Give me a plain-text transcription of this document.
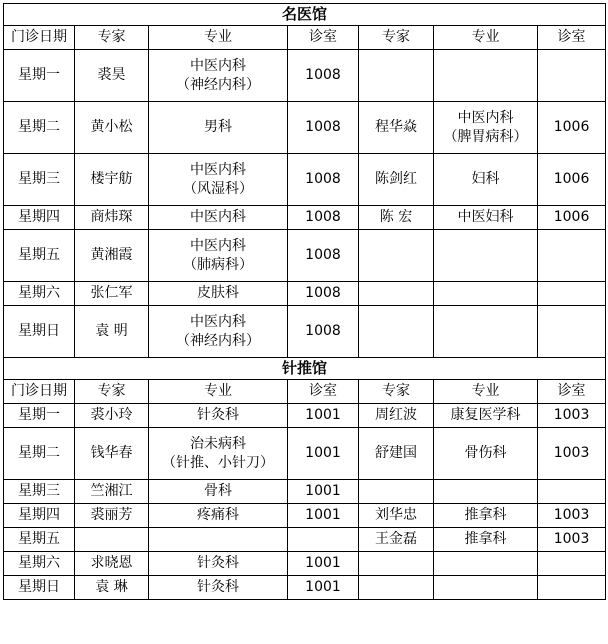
名医馆						
门诊日期	专家	专业	诊室	专家	专业	诊室
星期一	裘昊	中医内科
（神经内科）	1008			
星期二	黄小松	男科	1008	程华焱	中医内科
（脾胃病科）	1006
星期三	楼宇舫	中医内科
（风湿科）	1008	陈剑红	妇科	1006
星期四	商炜琛	中医内科	1008	陈 宏	中医妇科	1006
星期五	黄湘霞	中医内科
（肺病科）	1008			
星期六	张仁军	皮肤科	1008			
星期日	袁 明	中医内科
（神经内科）	1008			
针推馆						
门诊日期	专家	专业	诊室	专家	专业	诊室
星期一	裘小玲	针灸科	1001	周红波	康复医学科	1003
星期二	钱华春	治未病科
（针推、小针刀）	1001	舒建国	骨伤科	1003
星期三	竺湘江	骨科	1001			
星期四	裘丽芳	疼痛科	1001	刘华忠	推拿科	1003
星期五				王金磊	推拿科	1003
星期六	求晓恩	针灸科	1001			
星期日	袁 琳	针灸科	1001			
